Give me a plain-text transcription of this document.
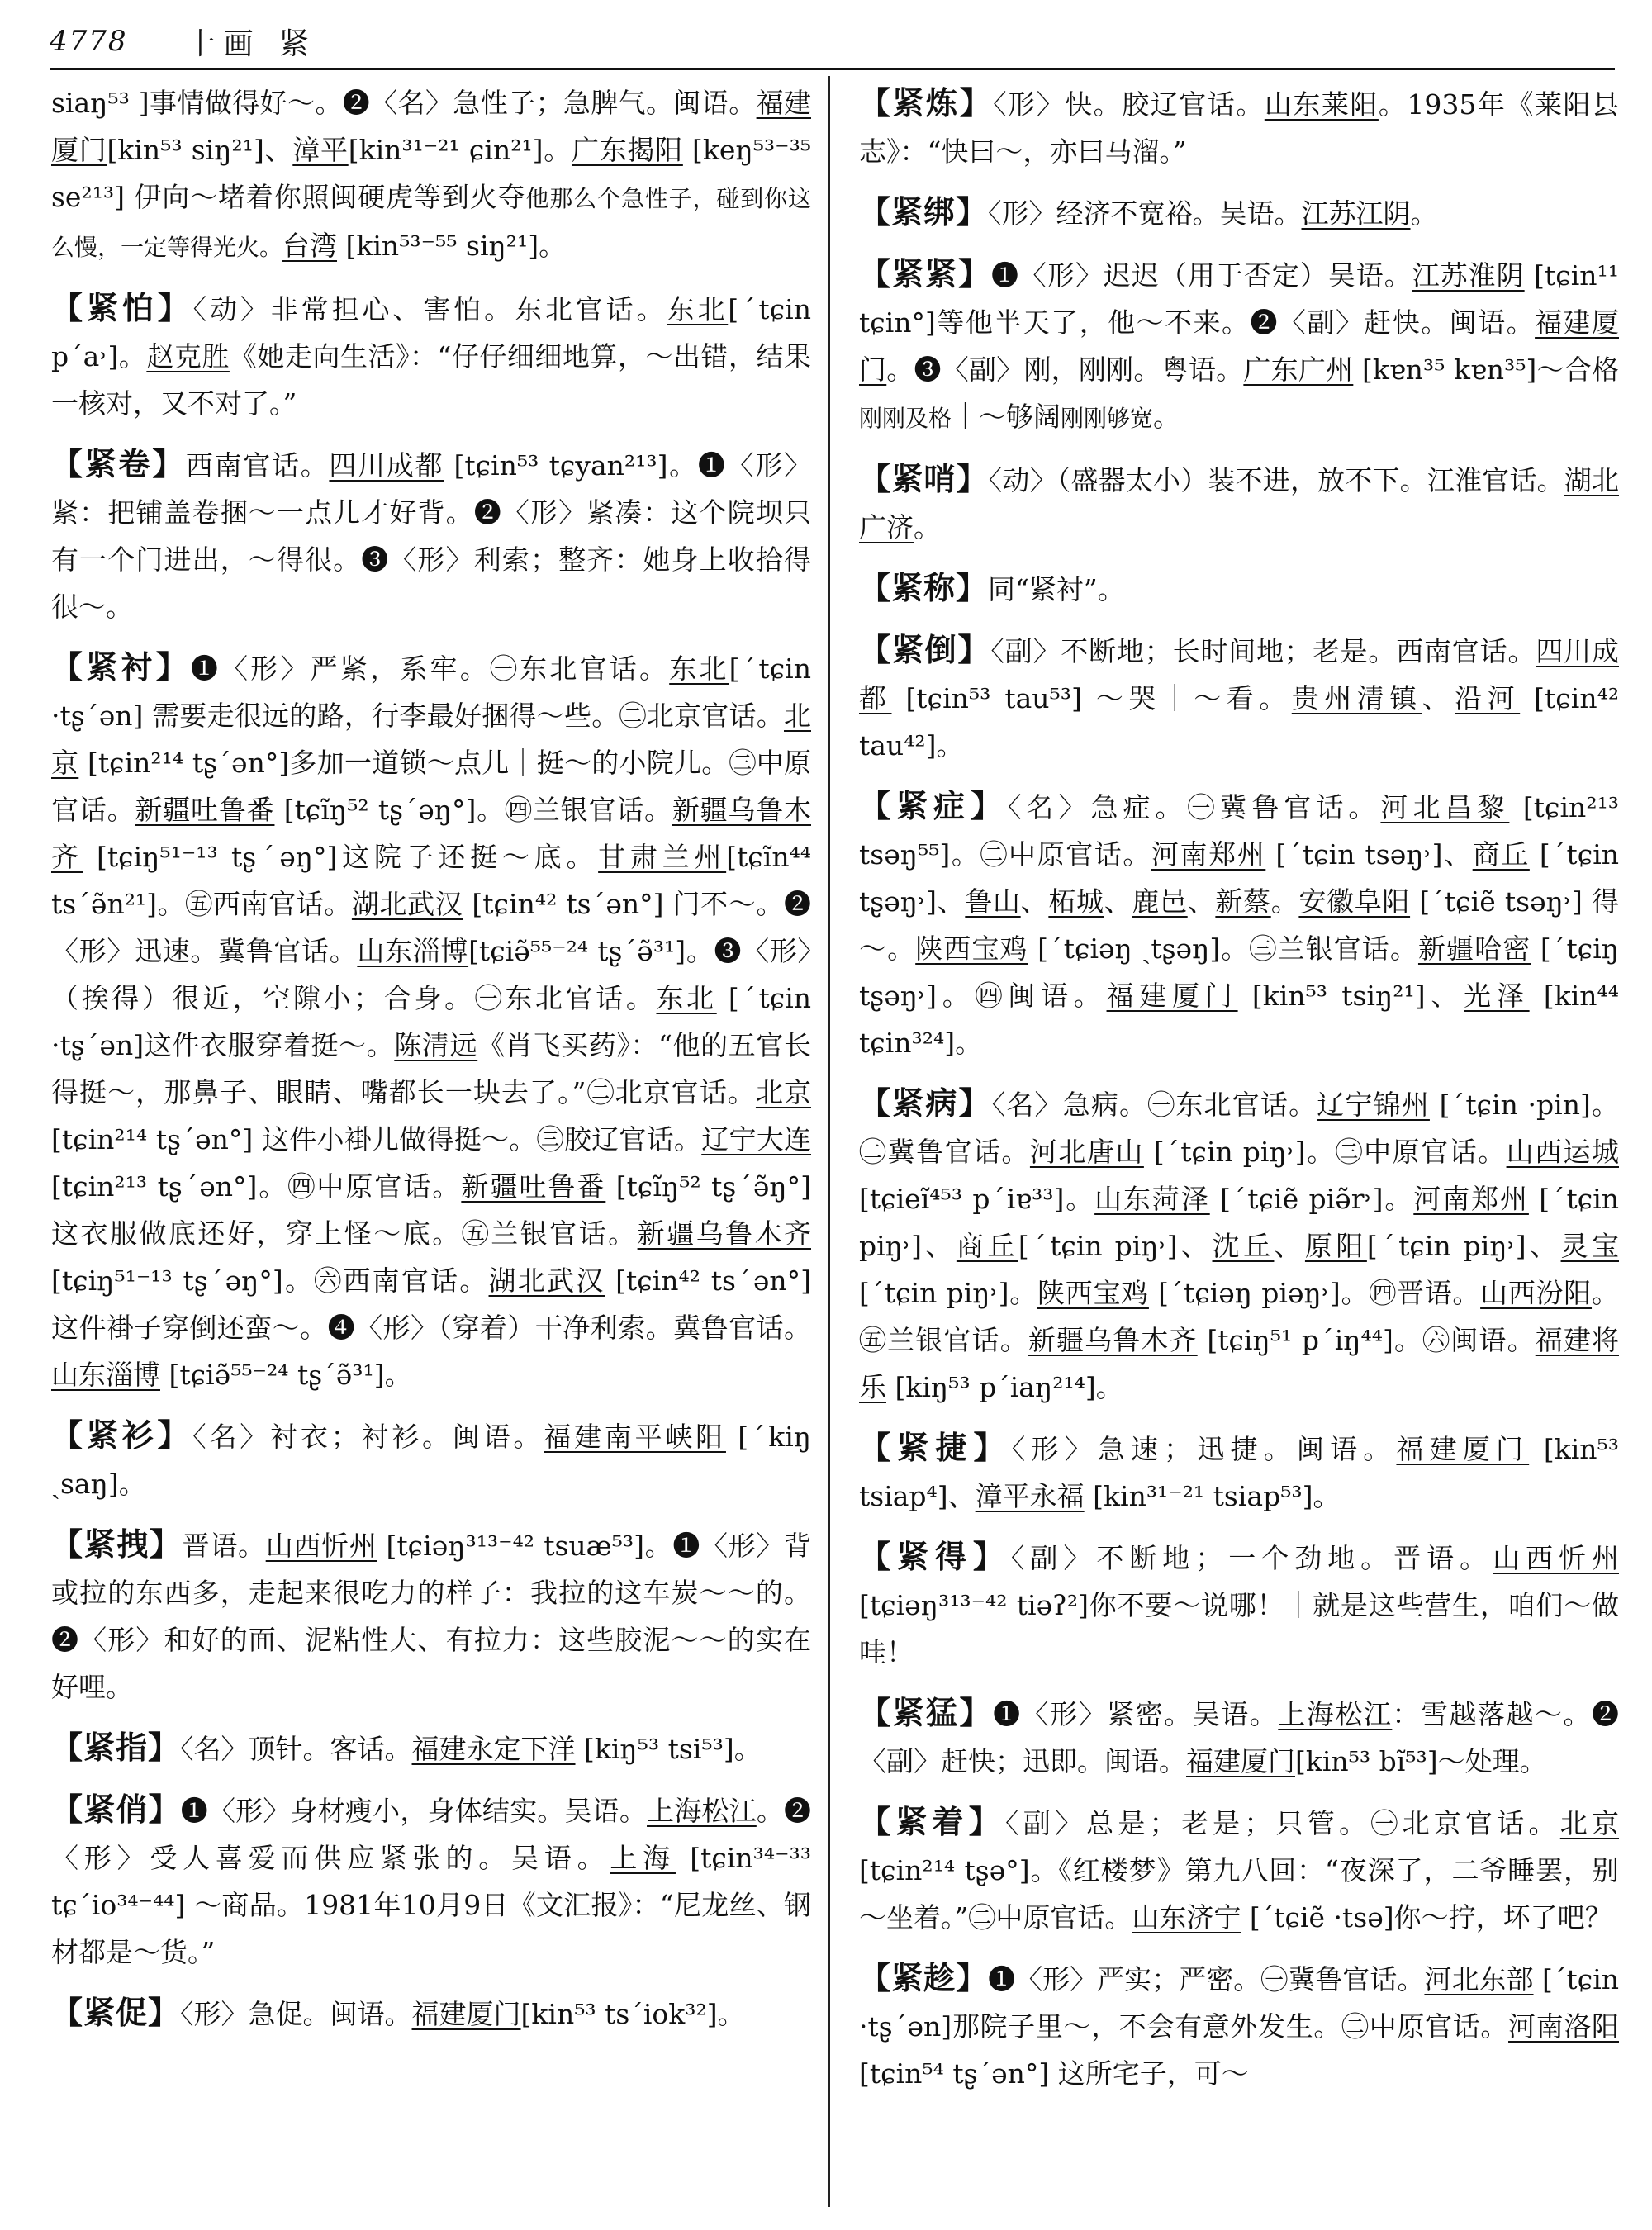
4778 十画 紧

siaŋ⁵³ ]事情做得好～。❷〈名〉急性子；急脾气。闽语。福建厦门[kin⁵³ siŋ²¹]、漳平[kin³¹⁻²¹ ɕin²¹]。广东揭阳 [keŋ⁵³⁻³⁵ se²¹³] 伊向～堵着你照闽硬虎等到火夺他那么个急性子，碰到你这么慢，一定等得光火。台湾 [kin⁵³⁻⁵⁵ siŋ²¹]。

【紧怕】〈动〉非常担心、害怕。东北官话。东北[ˊtɕin pˊa˒]。赵克胜《她走向生活》：“仔仔细细地算，～出错，结果一核对，又不对了。”

【紧卷】西南官话。四川成都 [tɕin⁵³ tɕyan²¹³]。❶〈形〉紧：把铺盖卷捆～一点儿才好背。❷〈形〉紧凑：这个院坝只有一个门进出，～得很。❸〈形〉利索；整齐：她身上收拾得很～。

【紧衬】❶〈形〉严紧，系牢。㊀东北官话。东北[ˊtɕin ·tʂˊən] 需要走很远的路，行李最好捆得～些。㊁北京官话。北京 [tɕin²¹⁴ tʂˊən°]多加一道锁～点儿｜挺～的小院儿。㊂中原官话。新疆吐鲁番 [tɕĩŋ⁵² tʂˊəŋ°]。㊃兰银官话。新疆乌鲁木齐 [tɕiŋ⁵¹⁻¹³ tʂˊəŋ°]这院子还挺～底。甘肃兰州[tɕĩn⁴⁴ tsˊə̃n²¹]。㊄西南官话。湖北武汉 [tɕin⁴² tsˊən°] 门不～。❷〈形〉迅速。冀鲁官话。山东淄博[tɕiə̃⁵⁵⁻²⁴ tʂˊə̃³¹]。❸〈形〉（挨得）很近，空隙小；合身。㊀东北官话。东北 [ˊtɕin ·tʂˊən]这件衣服穿着挺～。陈清远《肖飞买药》：“他的五官长得挺～，那鼻子、眼睛、嘴都长一块去了。”㊁北京官话。北京 [tɕin²¹⁴ tʂˊən°] 这件小褂儿做得挺～。㊂胶辽官话。辽宁大连 [tɕin²¹³ tʂˊən°]。㊃中原官话。新疆吐鲁番 [tɕĩŋ⁵² tʂˊə̃ŋ°] 这衣服做底还好，穿上怪～底。㊄兰银官话。新疆乌鲁木齐 [tɕiŋ⁵¹⁻¹³ tʂˊəŋ°]。㊅西南官话。湖北武汉 [tɕin⁴² tsˊən°] 这件褂子穿倒还蛮～。❹〈形〉（穿着）干净利索。冀鲁官话。山东淄博 [tɕiə̃⁵⁵⁻²⁴ tʂˊə̃³¹]。

【紧衫】〈名〉衬衣；衬衫。闽语。福建南平峡阳 [ˊkiŋ ˏsaŋ]。

【紧拽】晋语。山西忻州 [tɕiəŋ³¹³⁻⁴² tsuæ⁵³]。❶〈形〉背或拉的东西多，走起来很吃力的样子：我拉的这车炭～～的。❷〈形〉和好的面、泥粘性大、有拉力：这些胶泥～～的实在好哩。

【紧指】〈名〉顶针。客话。福建永定下洋 [kiŋ⁵³ tsi⁵³]。

【紧俏】❶〈形〉身材瘦小，身体结实。吴语。上海松江。❷〈形〉受人喜爱而供应紧张的。吴语。上海 [tɕin³⁴⁻³³ tɕˊio³⁴⁻⁴⁴] ～商品。1981年10月9日《文汇报》：“尼龙丝、钢材都是～货。”

【紧促】〈形〉急促。闽语。福建厦门[kin⁵³ tsˊiok³²]。

【紧炼】〈形〉快。胶辽官话。山东莱阳。1935年《莱阳县志》：“快曰～，亦曰马溜。”

【紧绑】〈形〉经济不宽裕。吴语。江苏江阴。

【紧紧】❶〈形〉迟迟（用于否定）吴语。江苏淮阴 [tɕin¹¹ tɕin°]等他半天了，他～不来。❷〈副〉赶快。闽语。福建厦门。❸〈副〉刚，刚刚。粤语。广东广州 [kɐn³⁵ kɐn³⁵]～合格刚刚及格｜～够阔刚刚够宽。

【紧哨】〈动〉（盛器太小）装不进，放不下。江淮官话。湖北广济。

【紧称】同“紧衬”。

【紧倒】〈副〉不断地；长时间地；老是。西南官话。四川成都 [tɕin⁵³ tau⁵³] ～哭｜～看。贵州清镇、沿河 [tɕin⁴² tau⁴²]。

【紧症】〈名〉急症。㊀冀鲁官话。河北昌黎 [tɕin²¹³ tsəŋ⁵⁵]。㊁中原官话。河南郑州 [ˊtɕin tsəŋ˒]、商丘 [ˊtɕin tʂəŋ˒]、鲁山、柘城、鹿邑、新蔡。安徽阜阳 [ˊtɕiẽ tsəŋ˒] 得～。陕西宝鸡 [ˊtɕiəŋ ˏtʂəŋ]。㊂兰银官话。新疆哈密 [ˊtɕiŋ tʂəŋ˒]。㊃闽语。福建厦门 [kin⁵³ tsiŋ²¹]、光泽 [kin⁴⁴ tɕin³²⁴]。

【紧病】〈名〉急病。㊀东北官话。辽宁锦州 [ˊtɕin ·pin]。㊁冀鲁官话。河北唐山 [ˊtɕin piŋ˒]。㊂中原官话。山西运城 [tɕieĩ⁴⁵³ pˊiɐ³³]。山东菏泽 [ˊtɕiẽ piə̃r˒]。河南郑州 [ˊtɕin piŋ˒]、商丘[ˊtɕin piŋ˒]、沈丘、原阳[ˊtɕin piŋ˒]、灵宝[ˊtɕin piŋ˒]。陕西宝鸡 [ˊtɕiəŋ piəŋ˒]。㊃晋语。山西汾阳。㊄兰银官话。新疆乌鲁木齐 [tɕiŋ⁵¹ pˊiŋ⁴⁴]。㊅闽语。福建将乐 [kiŋ⁵³ pˊiaŋ²¹⁴]。

【紧捷】〈形〉急速；迅捷。闽语。福建厦门 [kin⁵³ tsiap⁴]、漳平永福 [kin³¹⁻²¹ tsiap⁵³]。

【紧得】〈副〉不断地；一个劲地。晋语。山西忻州 [tɕiəŋ³¹³⁻⁴² tiəʔ²]你不要～说哪！｜就是这些营生，咱们～做哇！

【紧猛】❶〈形〉紧密。吴语。上海松江：雪越落越～。❷〈副〉赶快；迅即。闽语。福建厦门[kin⁵³ bĩ⁵³]～处理。

【紧着】〈副〉总是；老是；只管。㊀北京官话。北京 [tɕin²¹⁴ tʂə°]。《红楼梦》第九八回：“夜深了，二爷睡罢，别～坐着。”㊁中原官话。山东济宁 [ˊtɕiẽ ·tsə]你～拧，坏了吧？

【紧趁】❶〈形〉严实；严密。㊀冀鲁官话。河北东部 [ˊtɕin ·tʂˊən]那院子里～，不会有意外发生。㊁中原官话。河南洛阳 [tɕin⁵⁴ tʂˊən°] 这所宅子，可～
